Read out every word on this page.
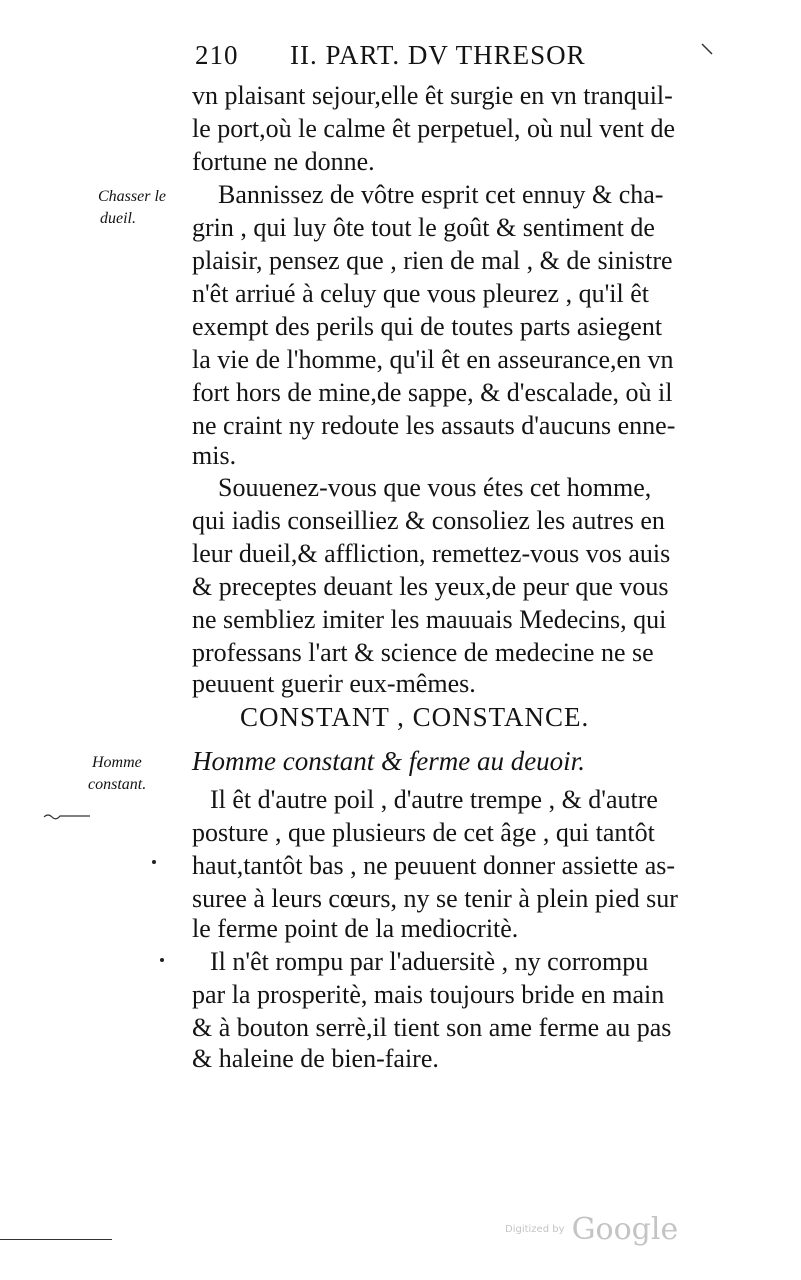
210 II. PART. DV THRESOR
vn plaisant sejour,elle êt surgie en vn tranquil-
le port,où le calme êt perpetuel, où nul vent de
fortune ne donne.
Bannissez de vôtre esprit cet ennuy & cha-
grin , qui luy ôte tout le goût & sentiment de
plaisir, pensez que , rien de mal , & de sinistre
n'êt arriué à celuy que vous pleurez , qu'il êt
exempt des perils qui de toutes parts asiegent
la vie de l'homme, qu'il êt en asseurance,en vn
fort hors de mine,de sappe, & d'escalade, où il
ne craint ny redoute les assauts d'aucuns enne-
mis.
Souuenez-vous que vous étes cet homme,
qui iadis conseilliez & consoliez les autres en
leur dueil,& affliction, remettez-vous vos auis
& preceptes deuant les yeux,de peur que vous
ne sembliez imiter les mauuais Medecins, qui
professans l'art & science de medecine ne se
peuuent guerir eux-mêmes.
CONSTANT , CONSTANCE.
Homme constant & ferme au deuoir.
Il êt d'autre poil , d'autre trempe , & d'autre
posture , que plusieurs de cet âge , qui tantôt
haut,tantôt bas , ne peuuent donner assiette as-
suree à leurs cœurs, ny se tenir à plein pied sur
le ferme point de la mediocritè.
Il n'êt rompu par l'aduersitè , ny corrompu
par la prosperitè, mais toujours bride en main
& à bouton serrè,il tient son ame ferme au pas
& haleine de bien-faire.
Chasser le
dueil.
Homme
constant.
Digitized by Google
